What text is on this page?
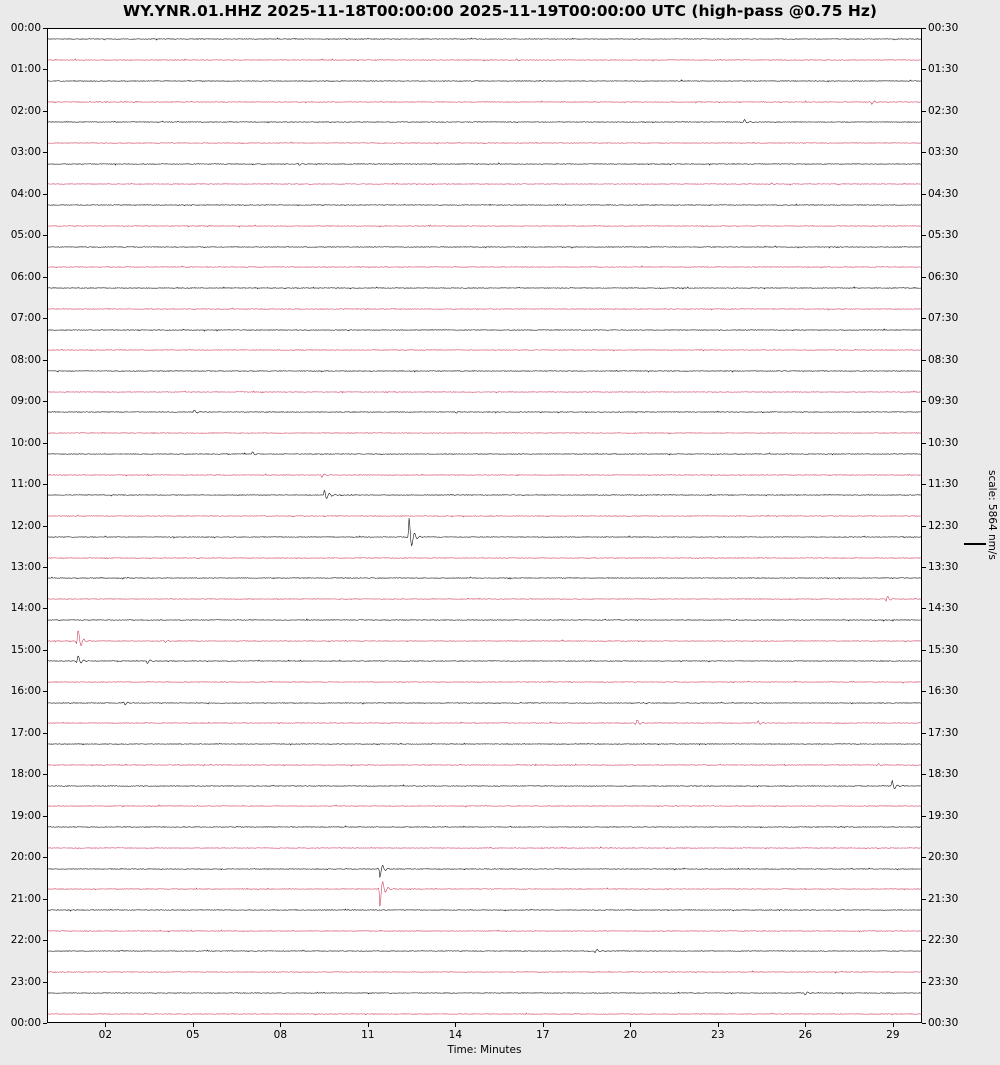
WY.YNR.01.HHZ 2025-11-18T00:00:00 2025-11-19T00:00:00 UTC (high-pass @0.75 Hz)
00:00
01:00
02:00
03:00
04:00
05:00
06:00
07:00
08:00
09:00
10:00
11:00
12:00
13:00
14:00
15:00
16:00
17:00
18:00
19:00
20:00
21:00
22:00
23:00
00:00
00:30
01:30
02:30
03:30
04:30
05:30
06:30
07:30
08:30
09:30
10:30
11:30
12:30
13:30
14:30
15:30
16:30
17:30
18:30
19:30
20:30
21:30
22:30
23:30
00:30
02	05	08	11	14	17	20	23	26	29
Time: Minutes
scale: 5864 nm/s
